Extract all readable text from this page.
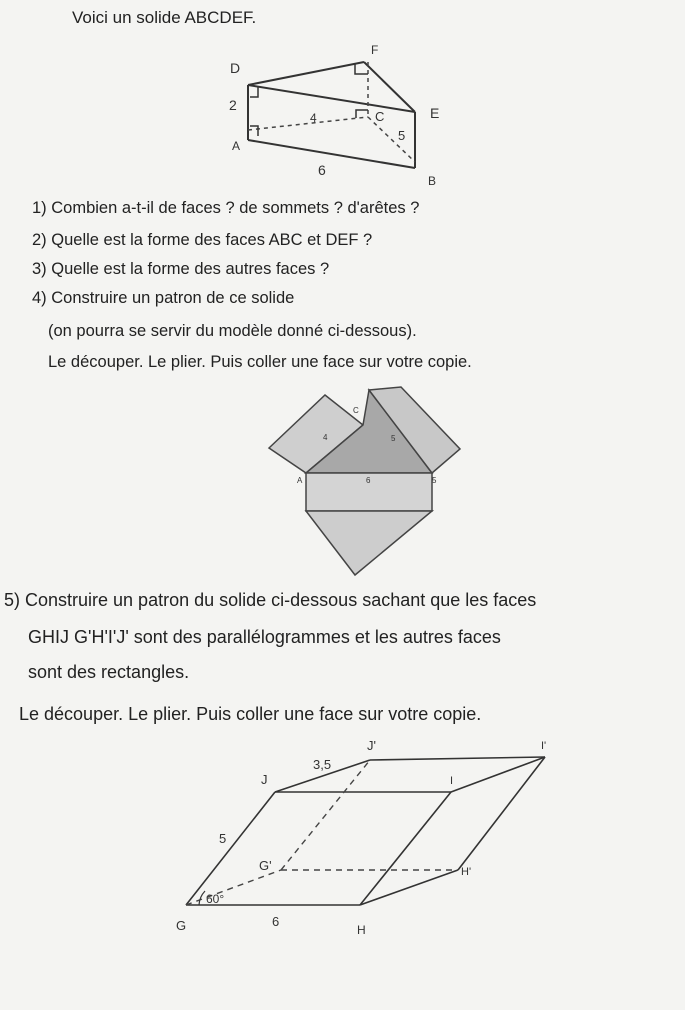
Voici un solide ABCDEF.
D
F
E
C
A
B
2
4
5
6
1) Combien a-t-il de faces ? de sommets ? d'arêtes ?
2) Quelle est la forme des faces ABC et DEF ?
3) Quelle est la forme des autres faces ?
4) Construire un patron de ce solide
(on pourra se servir du modèle donné ci-dessous).
Le découper. Le plier. Puis coller une face sur votre copie.
C
4	5
A	6	5
5) Construire un patron du solide ci-dessous sachant que les faces
GHIJ G'H'I'J' sont des parallélogrammes et les autres faces
sont des rectangles.
Le découper. Le plier. Puis coller une face sur votre copie.
J'	I'
J	I
G'	H'
G	H
3,5
5
6
60°
